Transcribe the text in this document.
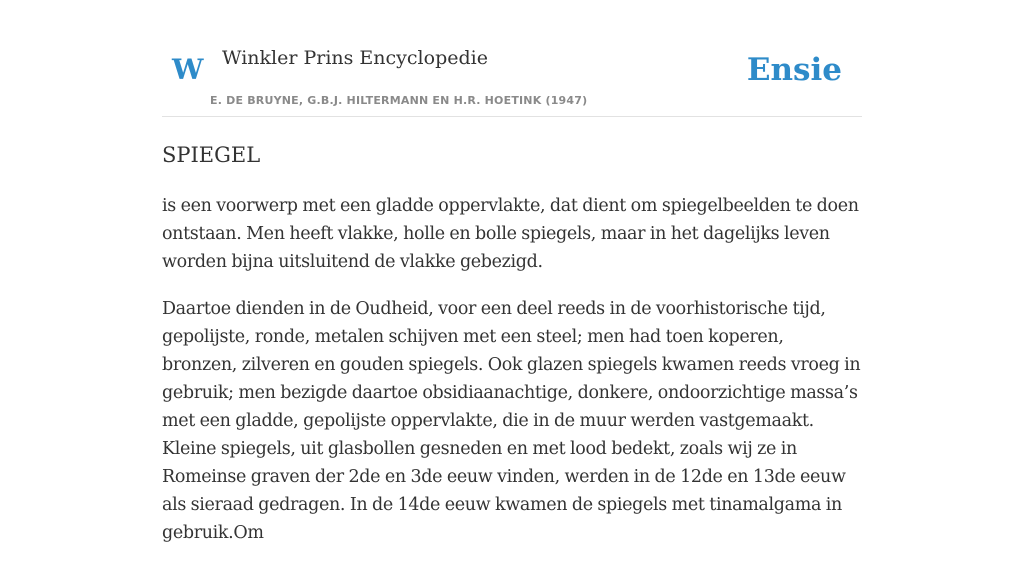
W Winkler Prins Encyclopedie
E. DE BRUYNE, G.B.J. HILTERMANN EN H.R. HOETINK (1947)
Ensie
SPIEGEL

is een voorwerp met een gladde oppervlakte, dat dient om spiegelbeelden te doen ontstaan. Men heeft vlakke, holle en bolle spiegels, maar in het dagelijks leven worden bijna uitsluitend de vlakke gebezigd.

Daartoe dienden in de Oudheid, voor een deel reeds in de voorhistorische tijd, gepolijste, ronde, metalen schijven met een steel; men had toen koperen, bronzen, zilveren en gouden spiegels. Ook glazen spiegels kwamen reeds vroeg in gebruik; men bezigde daartoe obsidiaanachtige, donkere, ondoorzichtige massa’s met een gladde, gepolijste oppervlakte, die in de muur werden vastgemaakt. Kleine spiegels, uit glasbollen gesneden en met lood bedekt, zoals wij ze in Romeinse graven der 2de en 3de eeuw vinden, werden in de 12de en 13de eeuw als sieraad gedragen. In de 14de eeuw kwamen de spiegels met tinamalgama in gebruik.Om
